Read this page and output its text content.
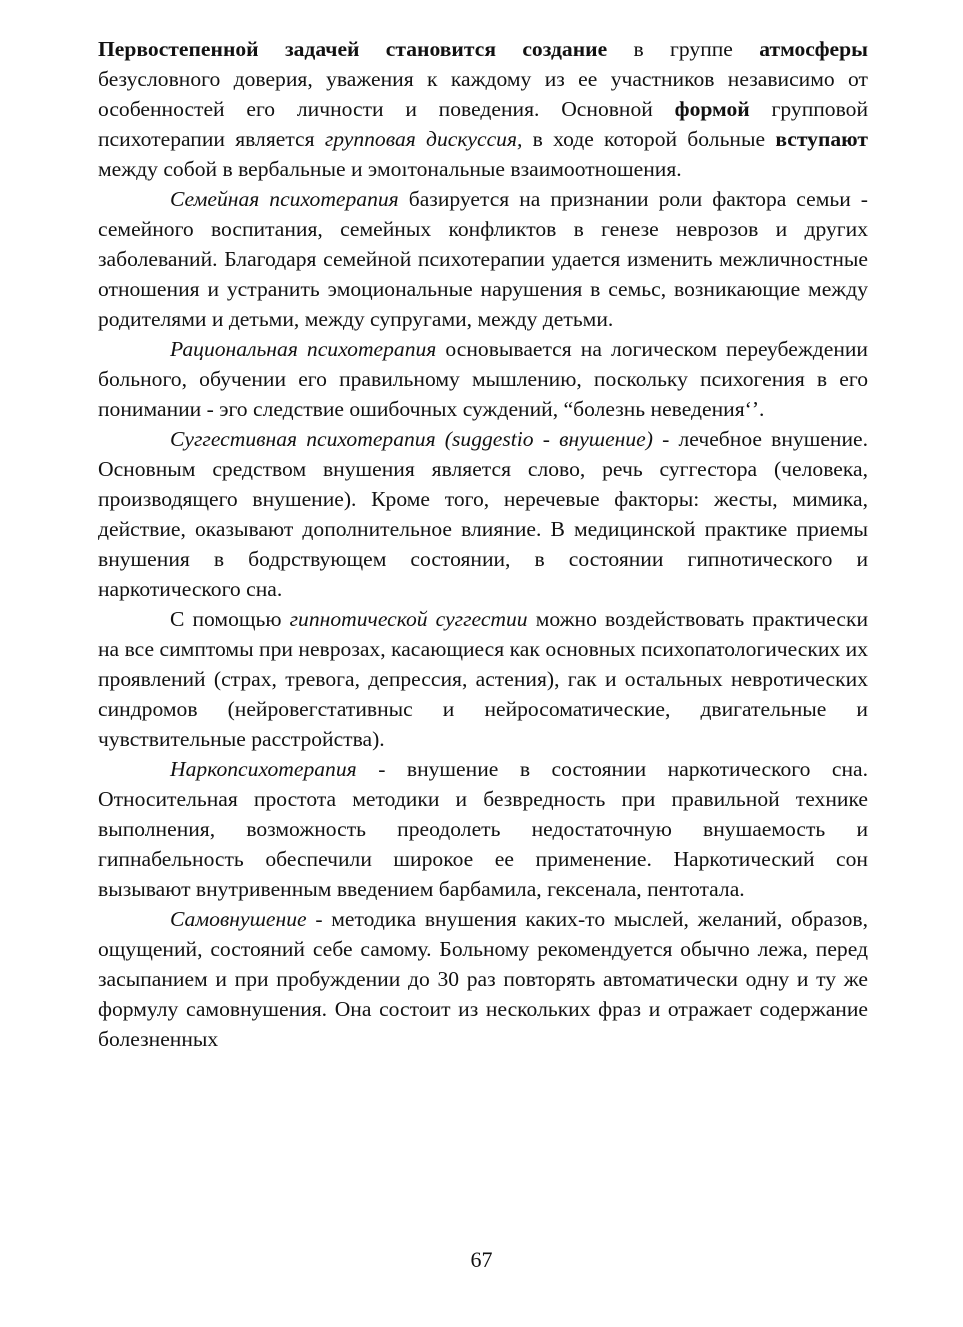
Первостепенной задачей становится создание в группе атмосферы безусловного доверия, уважения к каждому из ее участников независимо от особенностей его личности и поведения. Основной формой групповой психотерапии является групповая дискуссия, в ходе которой больные вступают между собой в вербальные и эмоıтональные взаимоотношения.

Семейная психотерапия базируется на признании роли фактора семьи - семейного воспитания, семейных конфликтов в генезе неврозов и других заболеваний. Благодаря семейной психотерапии удается изменить межличностные отношения и устранить эмоциональные нарушения в семьс, возникающие между родителями и детьми, между супругами, между детьми.

Рациональная психотерапия основывается на логическом переубеждении больного, обучении его правильному мышлению, поскольку психогения в его понимании - эго следствие ошибочных суждений, “болезнь неведения‘’.

Суггестивная психотерапия (suggestio - внушение) - лечебное внушение. Основным средством внушения является слово, речь суггестора (человека, производящего внушение). Кроме того, неречевые факторы: жесты, мимика, действие, оказывают дополнительное влияние. В медицинской практике приемы внушения в бодрствующем состоянии, в состоянии гипнотического и наркотического сна.

С помощью гипнотической суггестии можно воздействовать практически на все симптомы при неврозах, касающиеся как основных психопатологических их проявлений (страх, тревога, депрессия, астения), гак и остальных невротических синдромов (нейровегстативныс и нейросоматические, двигательные и чувствительные расстройства).

Наркопсихотерапия - внушение в состоянии наркотического сна. Относительная простота методики и безвредность при правильной технике выполнения, возможность преодолеть недостаточную внушаемость и гипнабельность обеспечили широкое ее применение. Наркотический сон вызывают внутривенным введением барбамила, гексенала, пентотала.

Самовнушение - методика внушения каких-то мыслей, желаний, образов, ощущений, состояний себе самому. Больному рекомендуется обычно лежа, перед засыпанием и при пробуждении до 30 раз повторять автоматически одну и ту же формулу самовнушения. Она состоит из нескольких фраз и отражает содержание болезненных

67
